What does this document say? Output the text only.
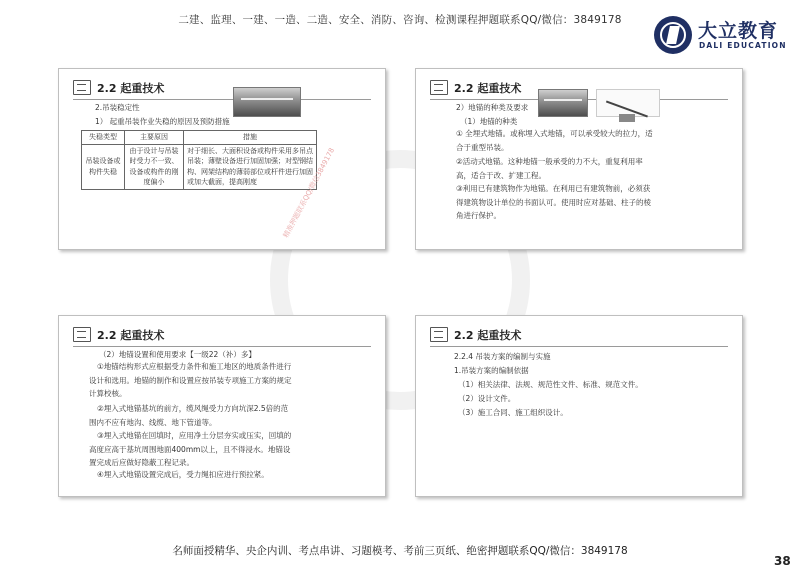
二建、监理、一建、一造、二造、安全、消防、咨询、检测课程押题联系QQ/微信：3849178	大立教育
DALI EDUCATION
2.2 起重技术
2.吊装稳定性
1） 起重吊装作业失稳的原因及预防措施
失稳类型	主要原因	措施
吊装设备或构件失稳	由于设计与吊装时受力不一致、设备或构件的刚度偏小	对于细长、大面积设备或构件采用多吊点吊装；薄壁设备进行加固加强；对型钢结构、网架结构的薄弱部位或杆件进行加固或加大截面，提高刚度	精准押题联系QQ/微信3849178
2.2 起重技术
2）地锚的种类及要求
（1）地锚的种类
① 全埋式地锚。或称埋入式地锚，可以承受较大的拉力，适合于重型吊装。
②活动式地锚。这种地锚一般承受的力不大，重复利用率高，适合于改、扩建工程。
③利用已有建筑物作为地锚。在利用已有建筑物前，必须获得建筑物设计单位的书面认可。使用时应对基础、柱子的棱角进行保护。
2.2 起重技术
（2）地锚设置和使用要求【一级22（补）多】
①地锚结构形式应根据受力条件和施工地区的地质条件进行设计和选用。地锚的制作和设置应按吊装专项施工方案的规定计算校核。
②埋入式地锚基坑的前方，缆风绳受力方向坑深2.5倍的范围内不应有地沟、线缆、地下管道等。
③埋入式地锚在回填时，应用净土分层夯实或压实，回填的高度应高于基坑周围地面400mm以上，且不得浸水。地锚设置完成后应做好隐蔽工程记录。
④埋入式地锚设置完成后，受力绳扣应进行预拉紧。
2.2 起重技术
2.2.4 吊装方案的编制与实施
1.吊装方案的编制依据
（1）相关法律、法规、规范性文件、标准、规范文件。
（2）设计文件。
（3）施工合同、施工组织设计。
名师面授精华、央企内训、考点串讲、习题模考、考前三页纸、绝密押题联系QQ/微信：3849178
38
